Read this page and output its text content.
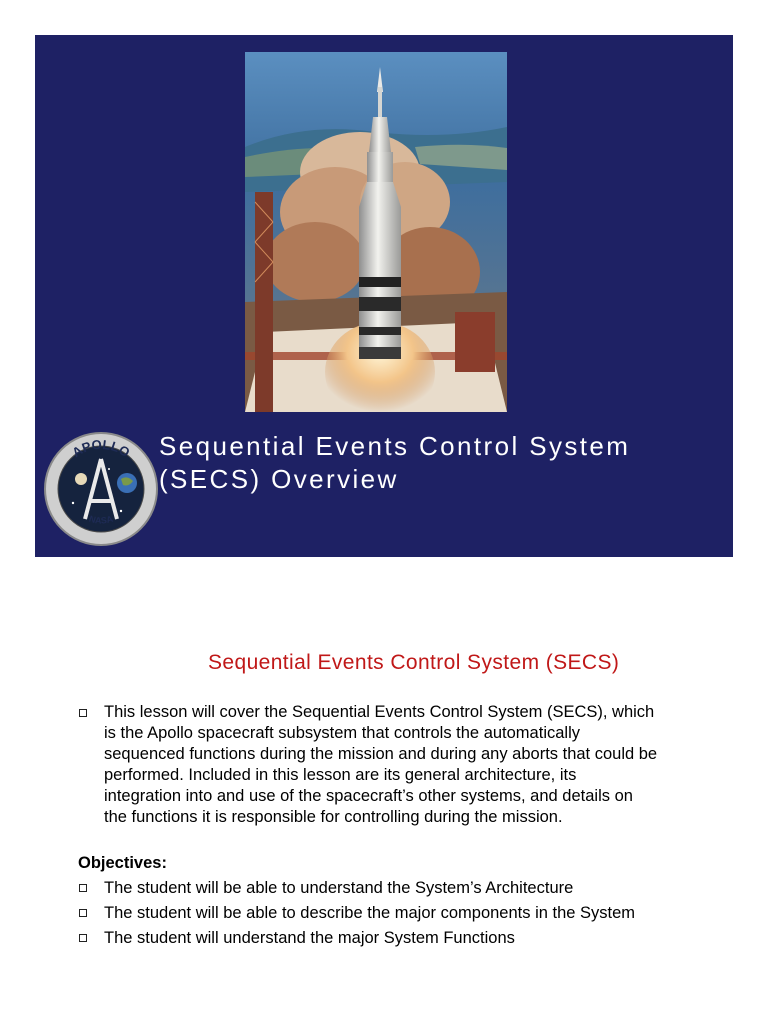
APOLLO
NASA
Sequential Events Control System
(SECS) Overview
Sequential Events Control System (SECS)
This lesson will cover the Sequential Events Control System (SECS), which
is the Apollo spacecraft subsystem that controls the automatically
sequenced functions during the mission and during any aborts that could be
performed. Included in this lesson are its general architecture, its
integration into and use of the spacecraft’s other systems, and details on
the functions it is responsible for controlling during the mission.
Objectives:
The student will be able to understand the System’s Architecture
The student will be able to describe the major components in the System
The student will understand the major System Functions
